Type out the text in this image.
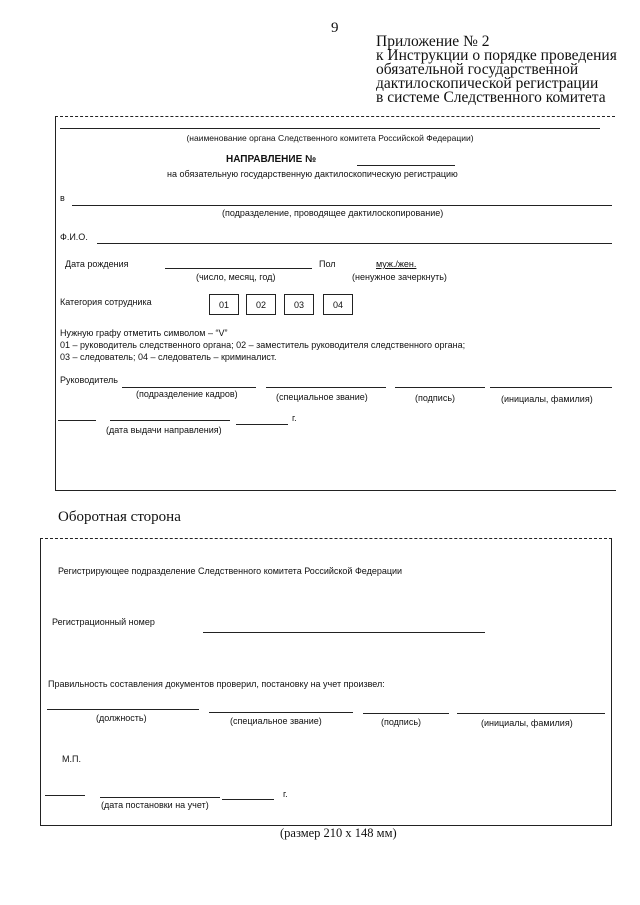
9
Приложение № 2
к Инструкции о порядке проведения
обязательной государственной
дактилоскопической регистрации
в системе Следственного комитета
(наименование органа Следственного комитета Российской Федерации)
НАПРАВЛЕНИЕ №
на обязательную государственную дактилоскопическую регистрацию
в
(подразделение, проводящее дактилоскопирование)
Ф.И.О.
Дата рождения
(число, месяц, год)
Пол	муж./жен.
(ненужное зачеркнуть)
Категория сотрудника	01	02	03	04
Нужную графу отметить символом – “V”
01 – руководитель следственного органа; 02 – заместитель руководителя следственного органа;
03 – следователь; 04 – следователь – криминалист.
Руководитель
(подразделение кадров)	(специальное звание)	(подпись)	(инициалы, фамилия)
г.
(дата выдачи направления)
Оборотная сторона
Регистрирующее подразделение Следственного комитета Российской Федерации
Регистрационный номер
Правильность составления документов проверил, постановку на учет произвел:
(должность)	(специальное звание)	(подпись)	(инициалы, фамилия)
М.П.
г.
(дата постановки на учет)
(размер 210 х 148 мм)
